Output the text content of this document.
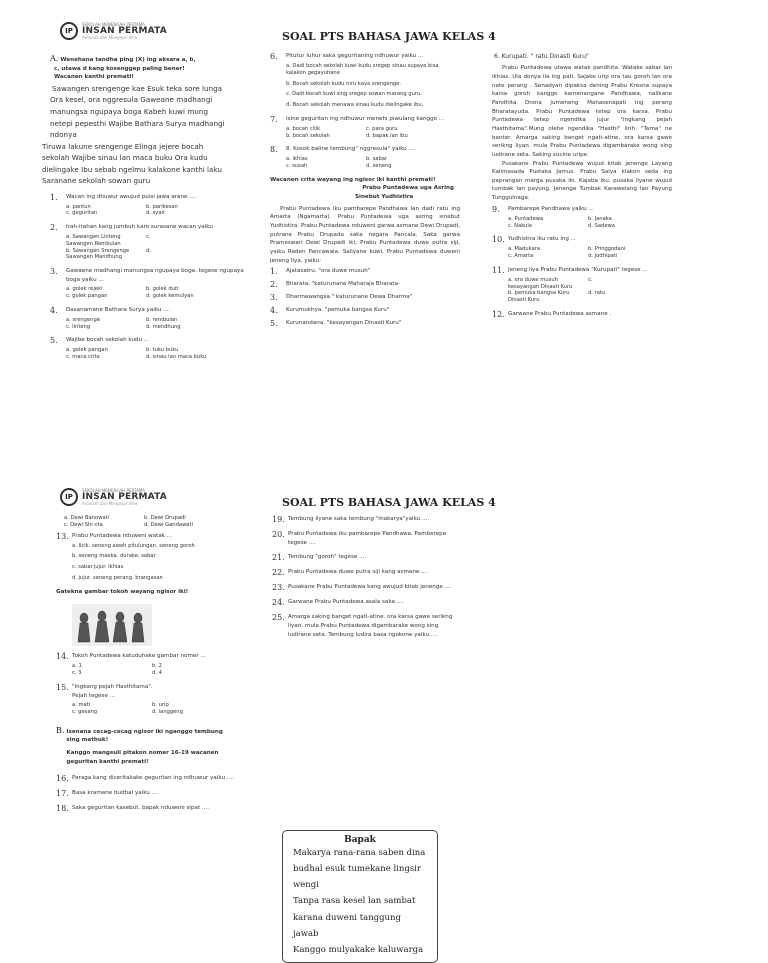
IP
SEKOLAH MENENGAH PERTAMA
INSAN PERMATA
Amanah dan Mengejar Ilmu	SOAL PTS BAHASA JAWA KELAS 4
A. Wenehana tandha ping (X) ing aksara a, b,
c, utawa d kang kosenggep paling bener!
Wacanen kanthi premati!
Sawangen srengenge kae Esuk teka sore lunga
Ora kesel, ora nggresula Gaweane madhangi
manungsa ngupaya boga Kabeh kuwi mung
netepi pepesthi Wajibe Bathara Surya madhangi
ndonya
Tiruwa lakune srengenge Elinga jejere bocah
sekolah Wajibe sinau lan maca buku Ora kudu
dielingake Ibu sebab ngelmu kalakone kanthi laku
Saranane sekolah sowan guru
1.	Wacan ing dhuwur awujud puisi jawa arane ....
a. pantun	b. parikesan
c. geguritan	d. syair
2.	Irah-irahan kang jumbuh karo surasane wacan yaiku
a. Sawangen Linteng	c.
Sawangen Rembulan
b. Sawangen Srengenge	d.
Sawangen Mandhung
3.	Gawaene madhangi manungsa ngupaya boga. tegese ngupaya boga yaiku ...
a. golek rejeki	b. golek duit
c. golek pangan	d. golek kemulyan
4.	Dasanamane Bathara Surya yaiku ....
a. srengenge	b. rembulan
c. linteng	d. mendhung
5.	Wajibe bocah sekolah kudu ...
a. golek pangan	b. tuku buku
c. maca crita	d. sinau lan maca buku
6.	Pitutur luhur saka geguritaning ndhuwur yaiku ...
a. Dadi bocah sekolah kuwi kudu sregep sinau supaya bisa kalakon gegayuhane
b. Bocah sekolah kudu niru kaya srengenge.
c. Dadi bocah kuwi sing sregep sowan marang guru.
d. Bocah sekolah menawa sinau kudu dielingake ibu.
7.	Isine geguritan ing ndhuwur menehi piwulang kanggo ...
a. bocah cilik	c. para guru
b. bocah sekolah	d. bapak lan ibu
8.	8. Kosok baline tembung" nggresula" yaiku ....
a. ikhlas	b. sabar
c. susah	d. seneng
Wacanen crita wayang ing ngisor iki kanthi premati!
Prabu Puntadewa uga Asring
Sinebut Yudhistira
Prabu Puntadewa iku pambarepe Pandhawa lan dadi ratu ing Amarta (Ngamarta). Prabu Puntadewa uga asring sinebut Yudhistira. Prabu Puntadewa nduweni garwa asmane Dewi Drupadi, putrane Prabu Drupada saka negara Pancala. Saka garwa Prameswari Dewi Drupadi iki, Prabu Puntadewa duwe putra siji, yaiku Raden Pancawala. Saliyane kuwi, Prabu Puntadewa duweni jeneng liya, yaiku:
1.	Ajatasatru. "ora duwe musuh"
2.	Bharata. "katurunane Maharaja Bharata-
3.	Dharmawangsa." katurunane Dewa Dharma"
4.	Kurumukhya. "pemuka bangsa Kuru"
5.	Kurunandana. "kesayangan Dinasti Kuru"
6. Kurupati. " ratu Dinasti Kuru"
Prabu Puntadewa utawa watak pandhita. Watake sabar lan ikhlas. Ula donya ila ing pati. Sajake urip ora tau goroh lan ora nate perang . Senadyan dipaksa dening Prabu Kresna supaya karsa goroh kanggo kamenangane Pandhawa, nalikane Pandhita Drona jumeneng Mahasenapati ing perang Bharatayuda. Prabu Puntadewa tetep ora karsa. Prabu Puntadewa tetep ngendika jujur "ingkang pejah Hasthitama".Mung olehe ngendika "Hasthi" lirih. "Tama" ne banter. Amarga saking banget ngati-atine, ora karsa gawe serikng liyan. mula Prabu Puntadewa digambarake wong sing ludirane seta. Saking sucine uripe.
Pusakane Prabu Puntadewa wujud kitab jenenge Layang Kalimasada Pustaka Jamus. Prabu Salya klakon seda ing paprangan marga pusaka iki. Kajaba iku, pusaka liyane wujud tumbak lan payung. Jenenge Tumbak Karawelang lan Payung Tunggulnaga.
9.	Pambarepe Pandhawa yaiku ...
a. Puntadewa	b. Janaka
c. Nakula	d. Sadewa
10. Yudhistira iku ratu ing ...
a. Madukara	b. Pringgodani
c. Amarta	d. Jodhipati
11. Jeneng liya Prabu Puntadewa "Kurupati" tegese ...
a. ora duwe musuh	c.
kesayangan Dinasti Kuru
b. pemuka bangsa Kuru	d. ratu
Dinasti Kuru
12. Garwane Prabu Puntadewa asmane .
IP
SEKOLAH MENENGAH PERTAMA
INSAN PERMATA
Amanah dan Mengejar Ilmu	SOAL PTS BAHASA JAWA KELAS 4
a. Dewi Banowati	b. Dewi Drupadi
c. Dewi Shi nta	d. Dewi Gandawati
13. Prabu Puntadewa nduweni watak ...
a. licik. seneng aweh pitulungan. seneng goroh
b. seneng maeka. durake. sabar
c. sabar.jujur. ikhlas
d. jujur. seneng perang. brangasan
Gatekna gambar tokoh wayang ngisor iki!
14. Tokoh Puntadewa katuduhake gambar nomer ...
a. 1	b. 2
c. 3	d. 4
15. "ingkang pejah Hasthitama".
Pejah tegese ...
a. mati	b. urip
c. gesang	d. langgeng
B. Isenana cecag-cecag ngisor iki nganggo tembung
sing mathuk!
Kanggo mangsuli pitakon nomer 16-19 wacanen
geguritan kanthi premati!
16. Paraga kang diceritakake geguritan ing ndhuwur yaiku ....
17. Basa kramane budhal yaiku ....
18. Saka geguritan kasebut. bapak nduweni sipat ....
19. Tembung liyane saka tembung "makarya"yaiku ....
20. Prabu Puntadewa iku pambarepe Pandhawa. Pamberepe tegese ....
21. Tembung "goroh" tegese ....
22. Prabu Puntadewa duwe putra siji kang asmane ....
23. Pusakane Prabu Puntadewa kang awujud kitab jenenge ....
24. Garwane Prabu Puntadewa asala saka ....
25. Amarga saking banget ngati-atine. ora karsa gawe serikng liyan. mula Prabu Puntadewa digambarake wong sing ludirane seta. Tembung ludira basa ngokone yaiku ....
Bapak
Makarya rana-rana saben dina
budhal esuk tumekane lingsir wengi
Tanpa rasa kesel lan sambat
karana duweni tanggung jawab
Kanggo mulyakake kaluwarga
